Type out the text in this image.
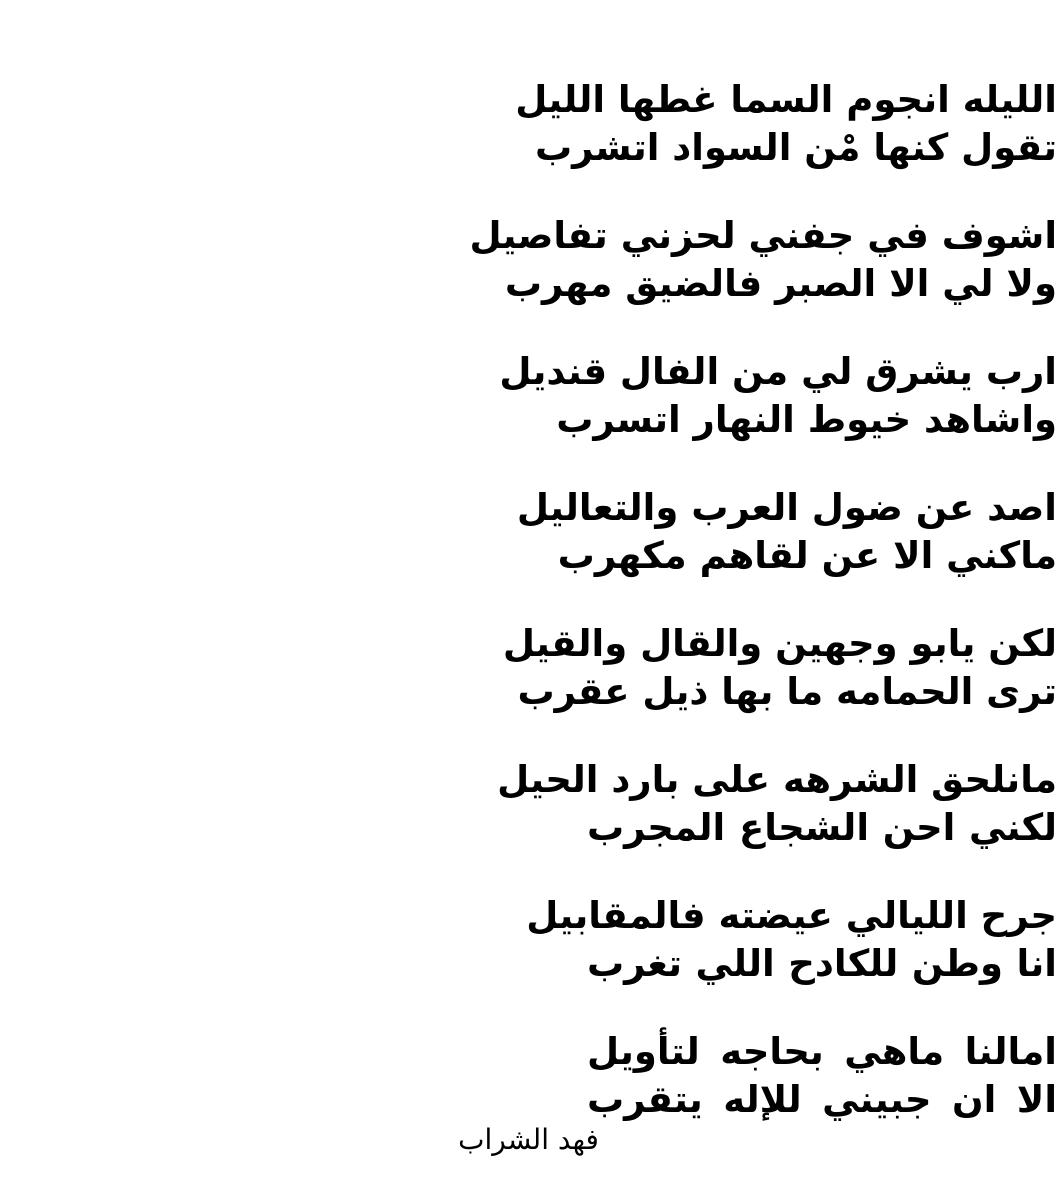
الليله انجوم السما غطها الليل
تقول كنها مْن السواد اتشرب
اشوف في جفني لحزني تفاصيل
ولا لي الا الصبر فالضيق مهرب
ارب يشرق لي من الفال قنديل
واشاهد خيوط النهار اتسرب
اصد عن ضول العرب والتعاليل
ماكني الا عن لقاهم مكهرب
لكن يابو وجهين والقال والقيل
ترى الحمامه ما بها ذيل عقرب
مانلحق الشرهه على بارد الحيل
لكني احن الشجاع المجرب
جرح الليالي عيضته فالمقابيل
انا وطن للكادح اللي تغرب
امالنا ماهي بحاجه لتأويل
الا ان جبيني للإله يتقرب
فهد الشراب
